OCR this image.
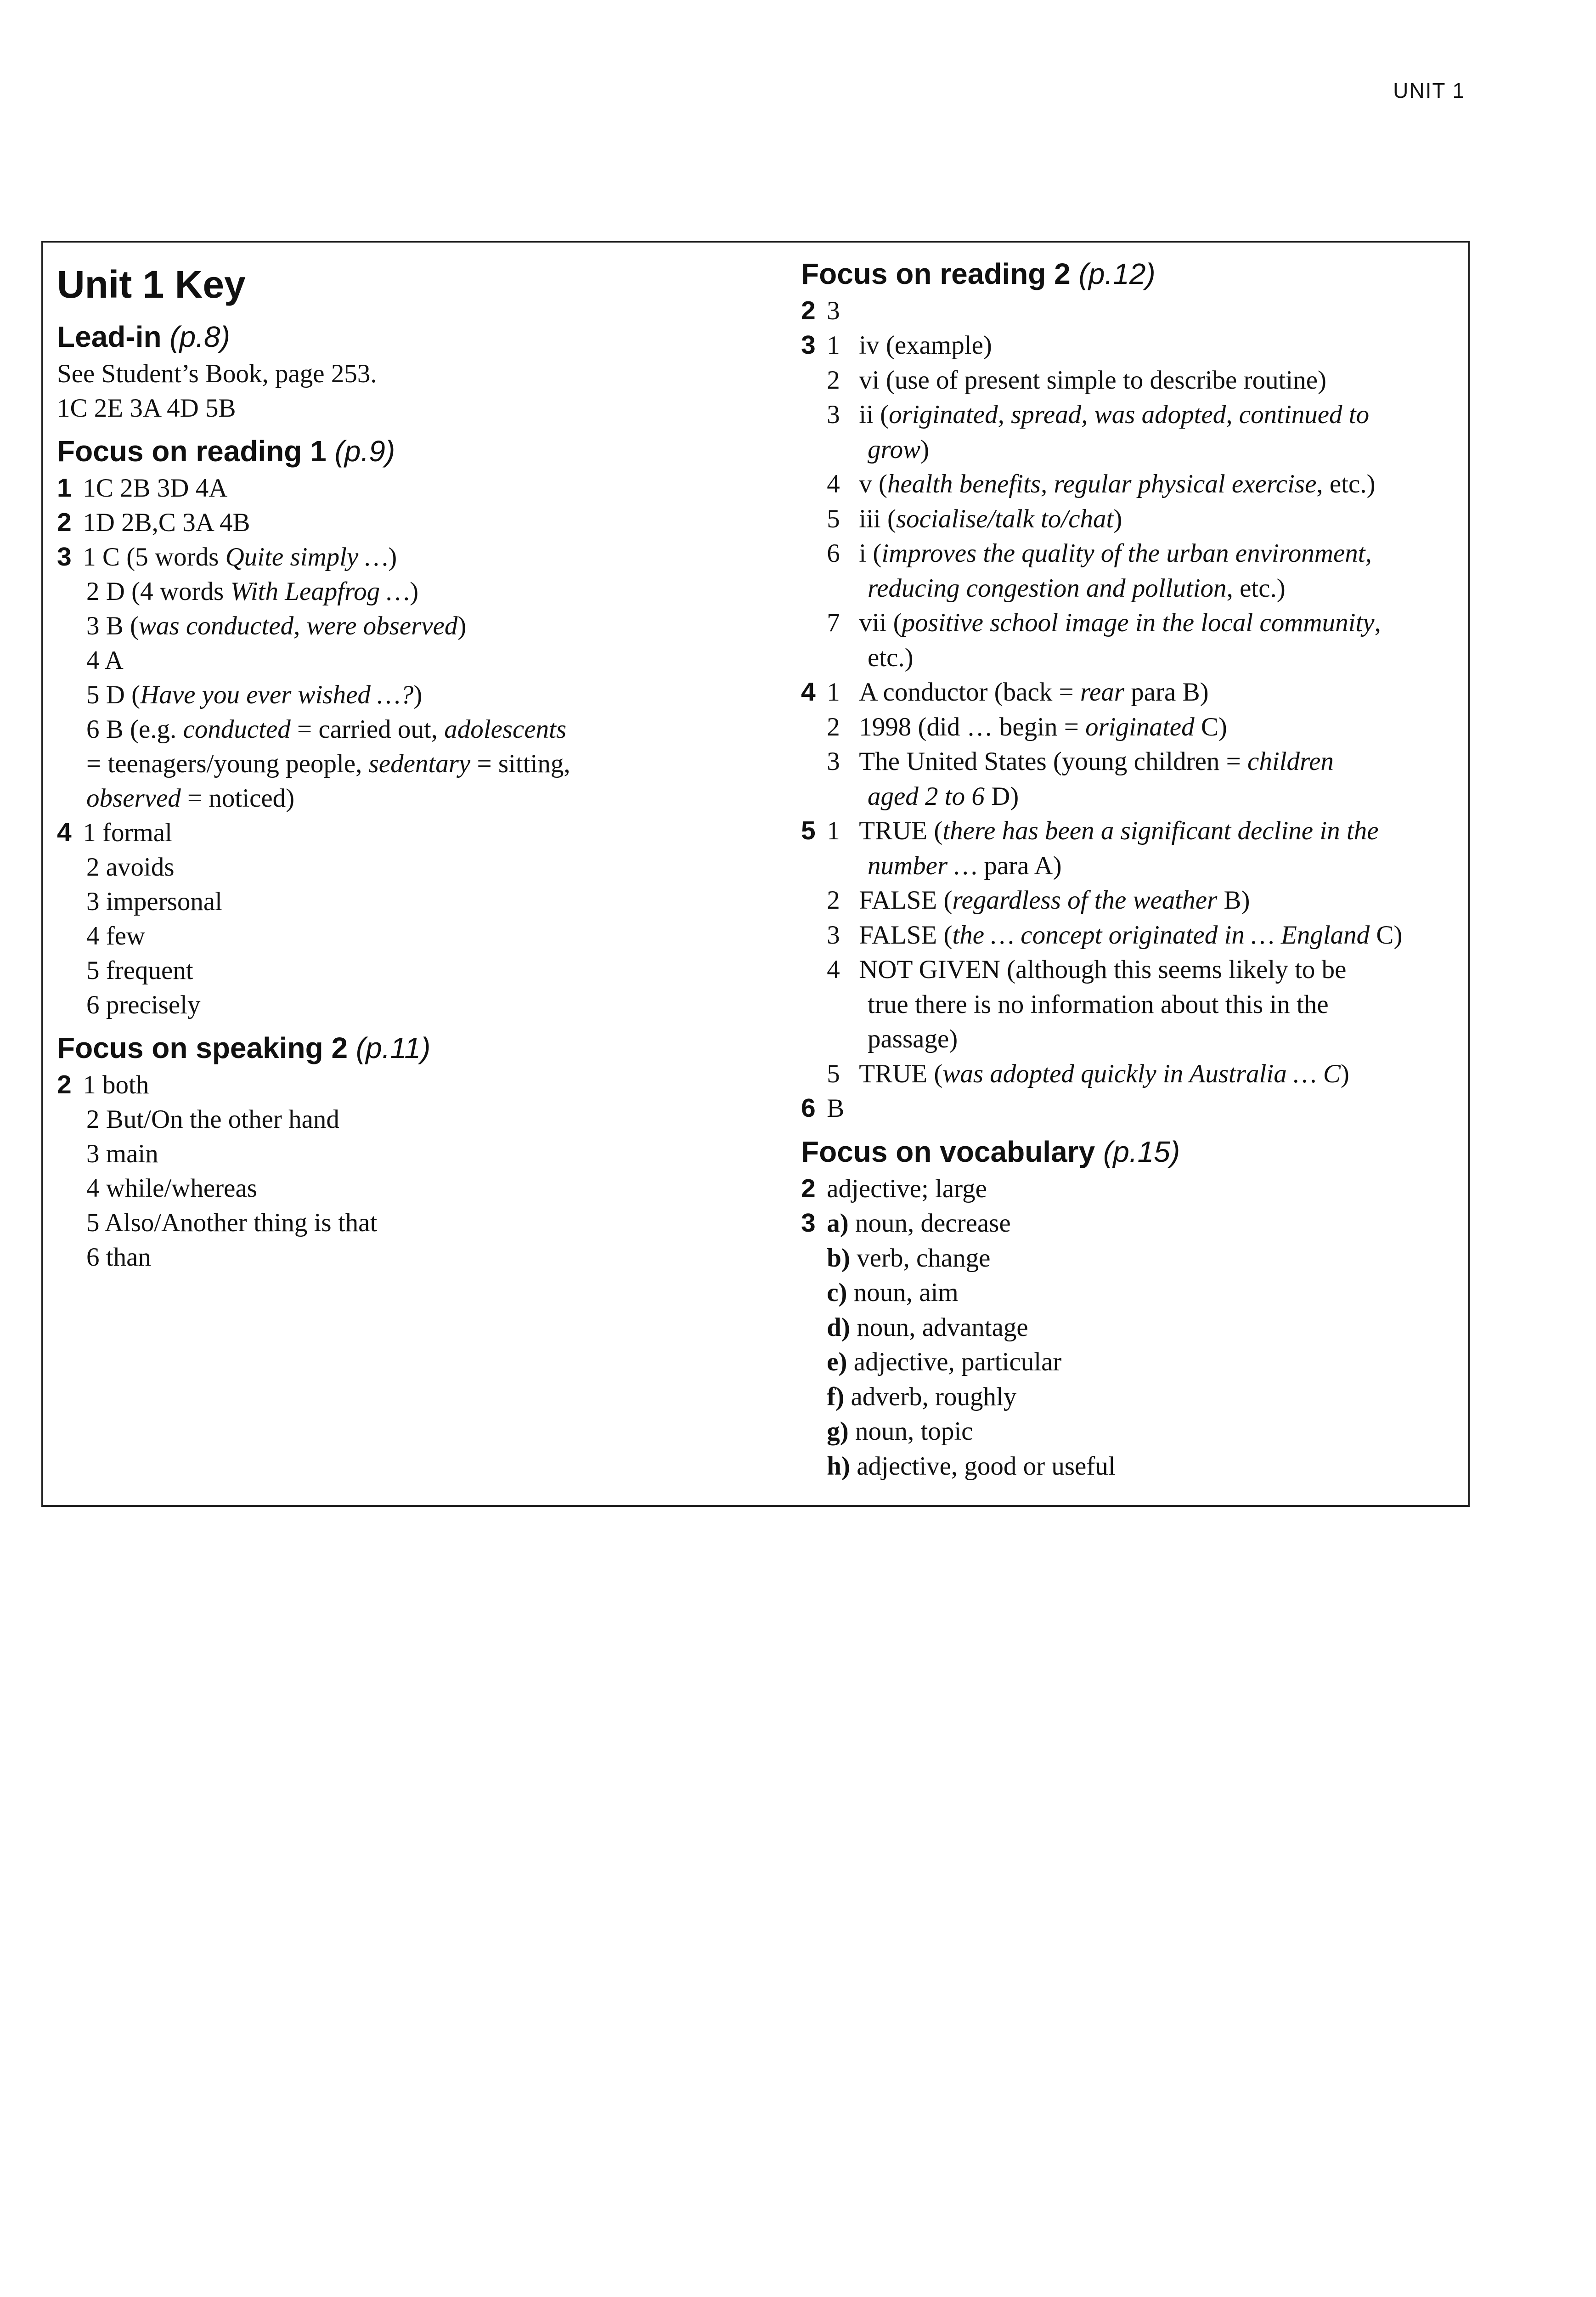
UNIT 1
Unit 1 Key
Lead-in (p.8)
See Student’s Book, page 253.
1C 2E 3A 4D 5B
Focus on reading 1 (p.9)
1 1C 2B 3D 4A
2 1D 2B,C 3A 4B
3 1 C (5 words Quite simply …)
2 D (4 words With Leapfrog …)
3 B (was conducted, were observed)
4 A
5 D (Have you ever wished …?)
6 B (e.g. conducted = carried out, adolescents
= teenagers/young people, sedentary = sitting,
observed = noticed)
4 1 formal
2 avoids
3 impersonal
4 few
5 frequent
6 precisely
Focus on speaking 2 (p.11)
2 1 both
2 But/On the other hand
3 main
4 while/whereas
5 Also/Another thing is that
6 than
Focus on reading 2 (p.12)
2 3
3 1 iv (example)
2 vi (use of present simple to describe routine)
3 ii (originated, spread, was adopted, continued to
grow)
4 v (health benefits, regular physical exercise, etc.)
5 iii (socialise/talk to/chat)
6 i (improves the quality of the urban environment,
reducing congestion and pollution, etc.)
7 vii (positive school image in the local community,
etc.)
4 1 A conductor (back = rear para B)
2 1998 (did … begin = originated C)
3 The United States (young children = children
aged 2 to 6 D)
5 1 TRUE (there has been a significant decline in the
number … para A)
2 FALSE (regardless of the weather B)
3 FALSE (the … concept originated in … England C)
4 NOT GIVEN (although this seems likely to be
true there is no information about this in the
passage)
5 TRUE (was adopted quickly in Australia … C)
6 B
Focus on vocabulary (p.15)
2 adjective; large
3 a) noun, decrease
b) verb, change
c) noun, aim
d) noun, advantage
e) adjective, particular
f) adverb, roughly
g) noun, topic
h) adjective, good or useful
